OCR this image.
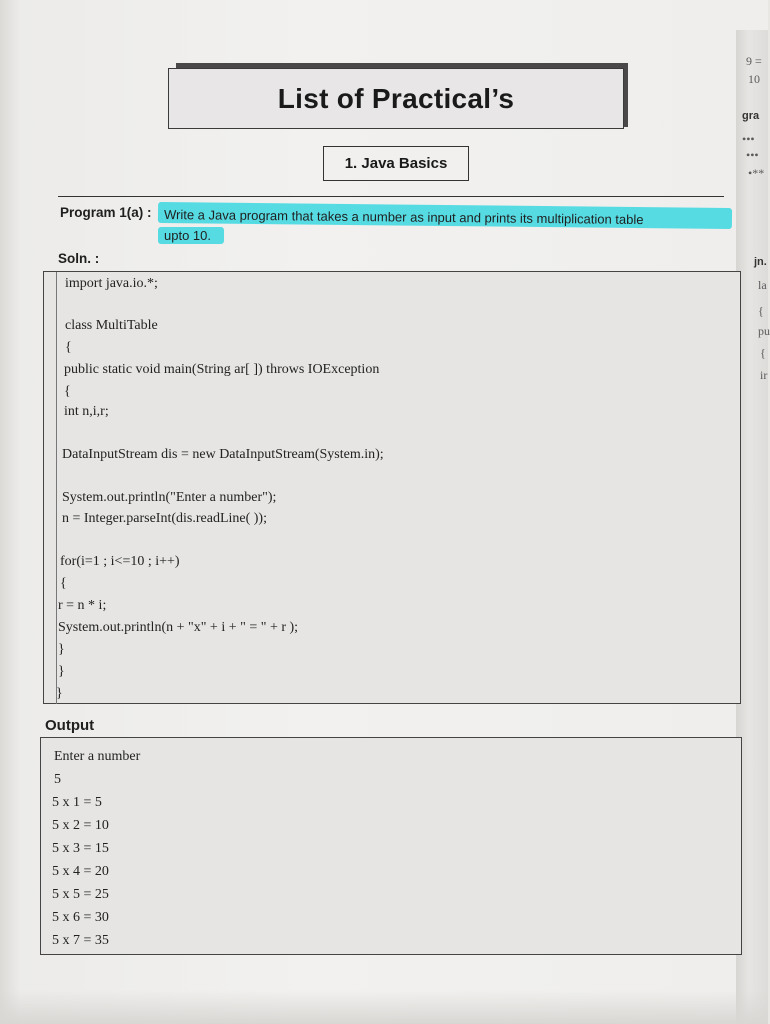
9 =
10
gra
•••
•••
•**
jn.
la
{
pu
{
ir
List of Practical’s
1. Java Basics
Program 1(a) : Write a Java program that takes a number as input and prints its multiplication table
upto 10.
Soln. :
import java.io.*;
class MultiTable
{
public static void main(String ar[ ]) throws IOException
{
int n,i,r;
DataInputStream dis = new DataInputStream(System.in);
System.out.println("Enter a number");
n = Integer.parseInt(dis.readLine( ));
for(i=1 ; i<=10 ; i++)
{
r = n * i;
System.out.println(n + "x" + i + " = " + r );
}
}
}
Output
Enter a number
5
5 x 1 = 5
5 x 2 = 10
5 x 3 = 15
5 x 4 = 20
5 x 5 = 25
5 x 6 = 30
5 x 7 = 35
